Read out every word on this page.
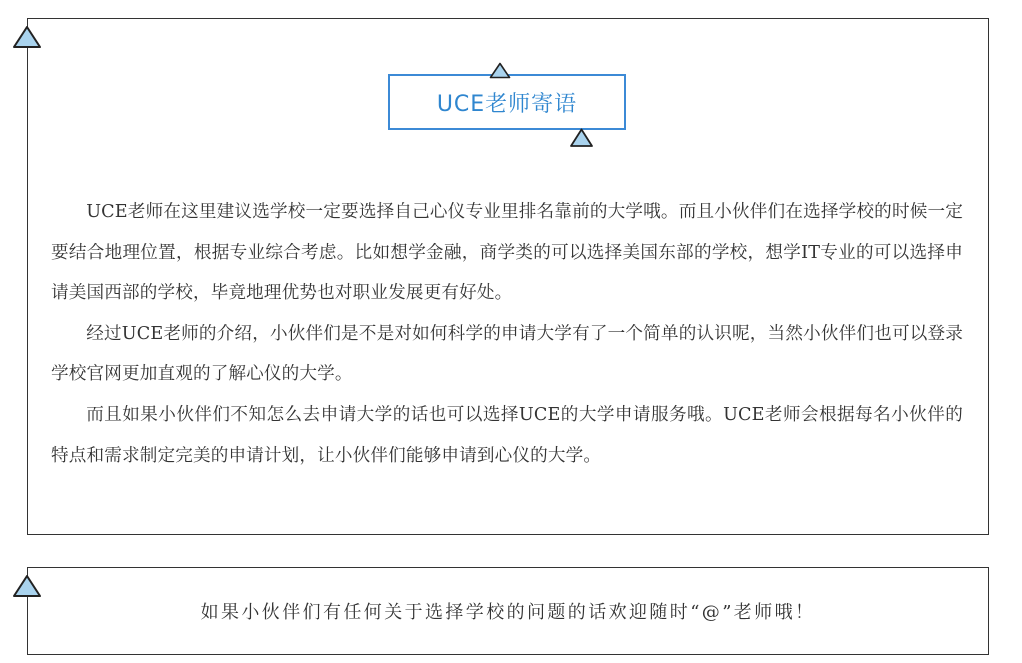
UCE老师寄语

UCE老师在这里建议选学校一定要选择自己心仪专业里排名靠前的大学哦。而且小伙伴们在选择学校的时候一定要结合地理位置，根据专业综合考虑。比如想学金融，商学类的可以选择美国东部的学校，想学IT专业的可以选择申请美国西部的学校，毕竟地理优势也对职业发展更有好处。

经过UCE老师的介绍，小伙伴们是不是对如何科学的申请大学有了一个简单的认识呢，当然小伙伴们也可以登录学校官网更加直观的了解心仪的大学。

而且如果小伙伴们不知怎么去申请大学的话也可以选择UCE的大学申请服务哦。UCE老师会根据每名小伙伴的特点和需求制定完美的申请计划，让小伙伴们能够申请到心仪的大学。

如果小伙伴们有任何关于选择学校的问题的话欢迎随时“@”老师哦！
